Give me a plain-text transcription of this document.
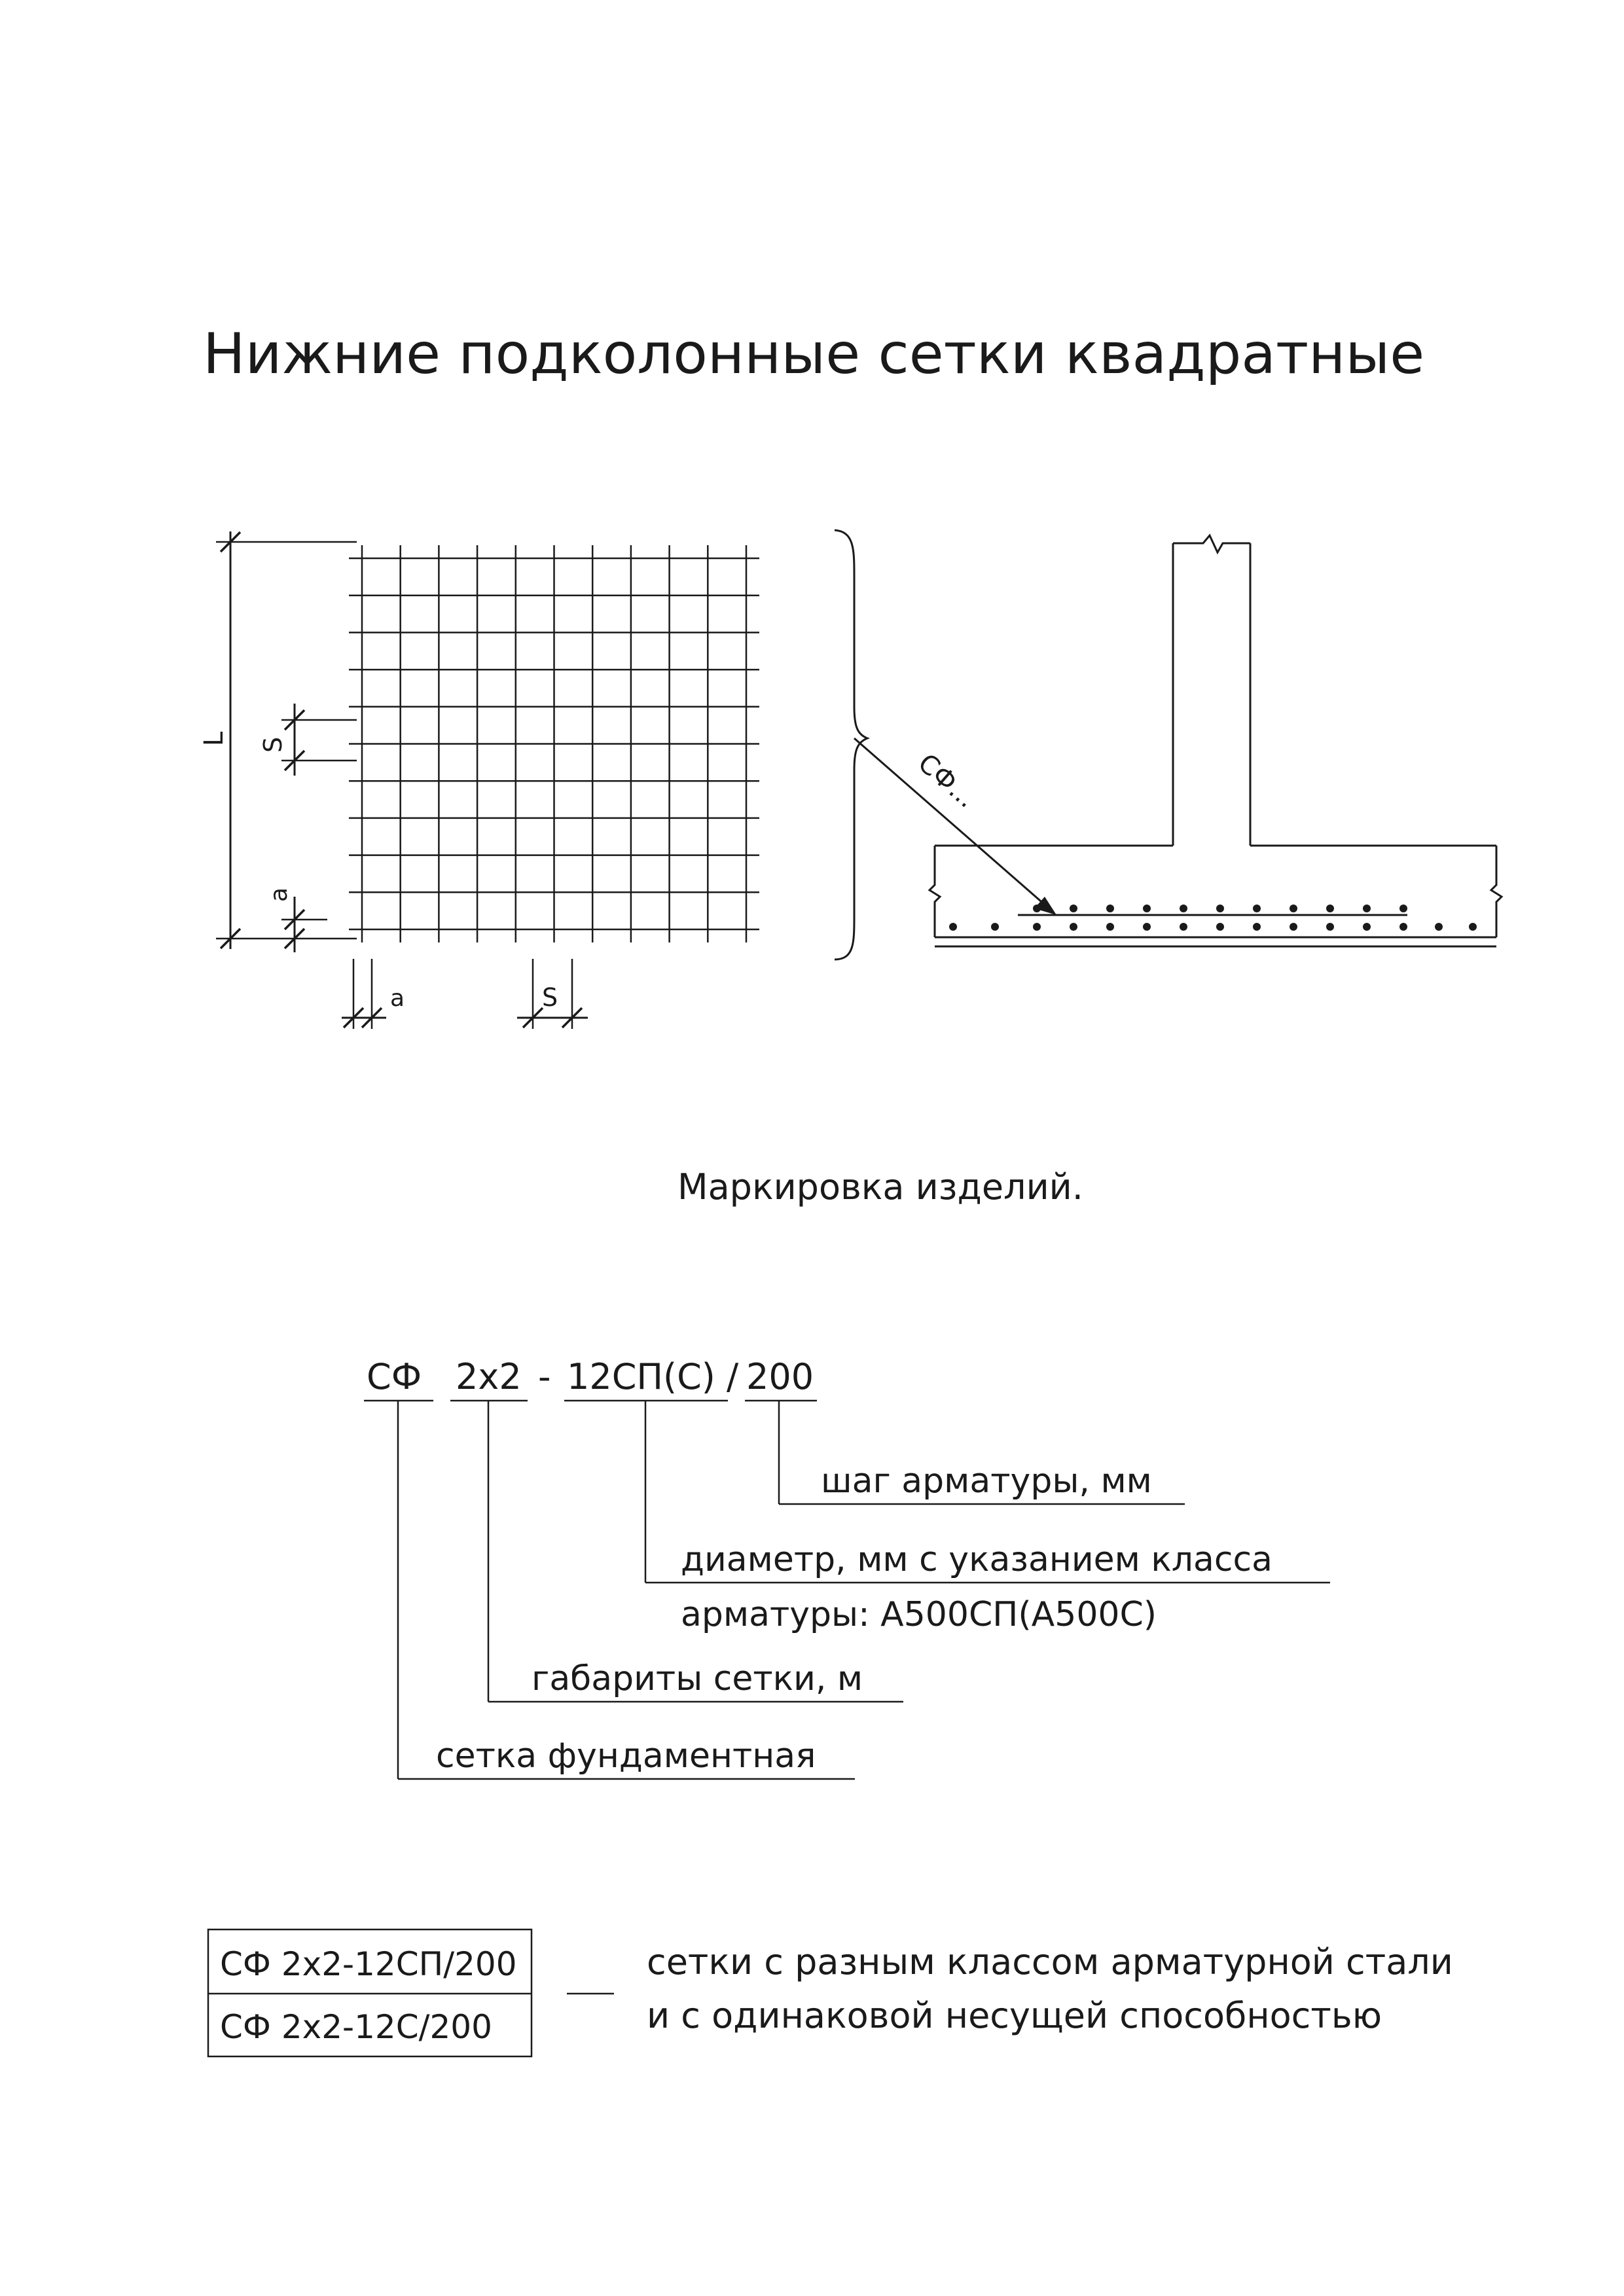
Нижние подколонные сетки квадратные
L S
a
a	S
СФ...
Маркировка изделий.
СФ 2х2 - 12СП(С) / 200
шаг арматуры, мм
диаметр, мм с указанием класса
арматуры: А500СП(А500С)
габариты сетки, м
сетка фундаментная
СФ 2х2-12СП/200
СФ 2х2-12С/200
сетки с разным классом арматурной стали
и с одинаковой несущей способностью
